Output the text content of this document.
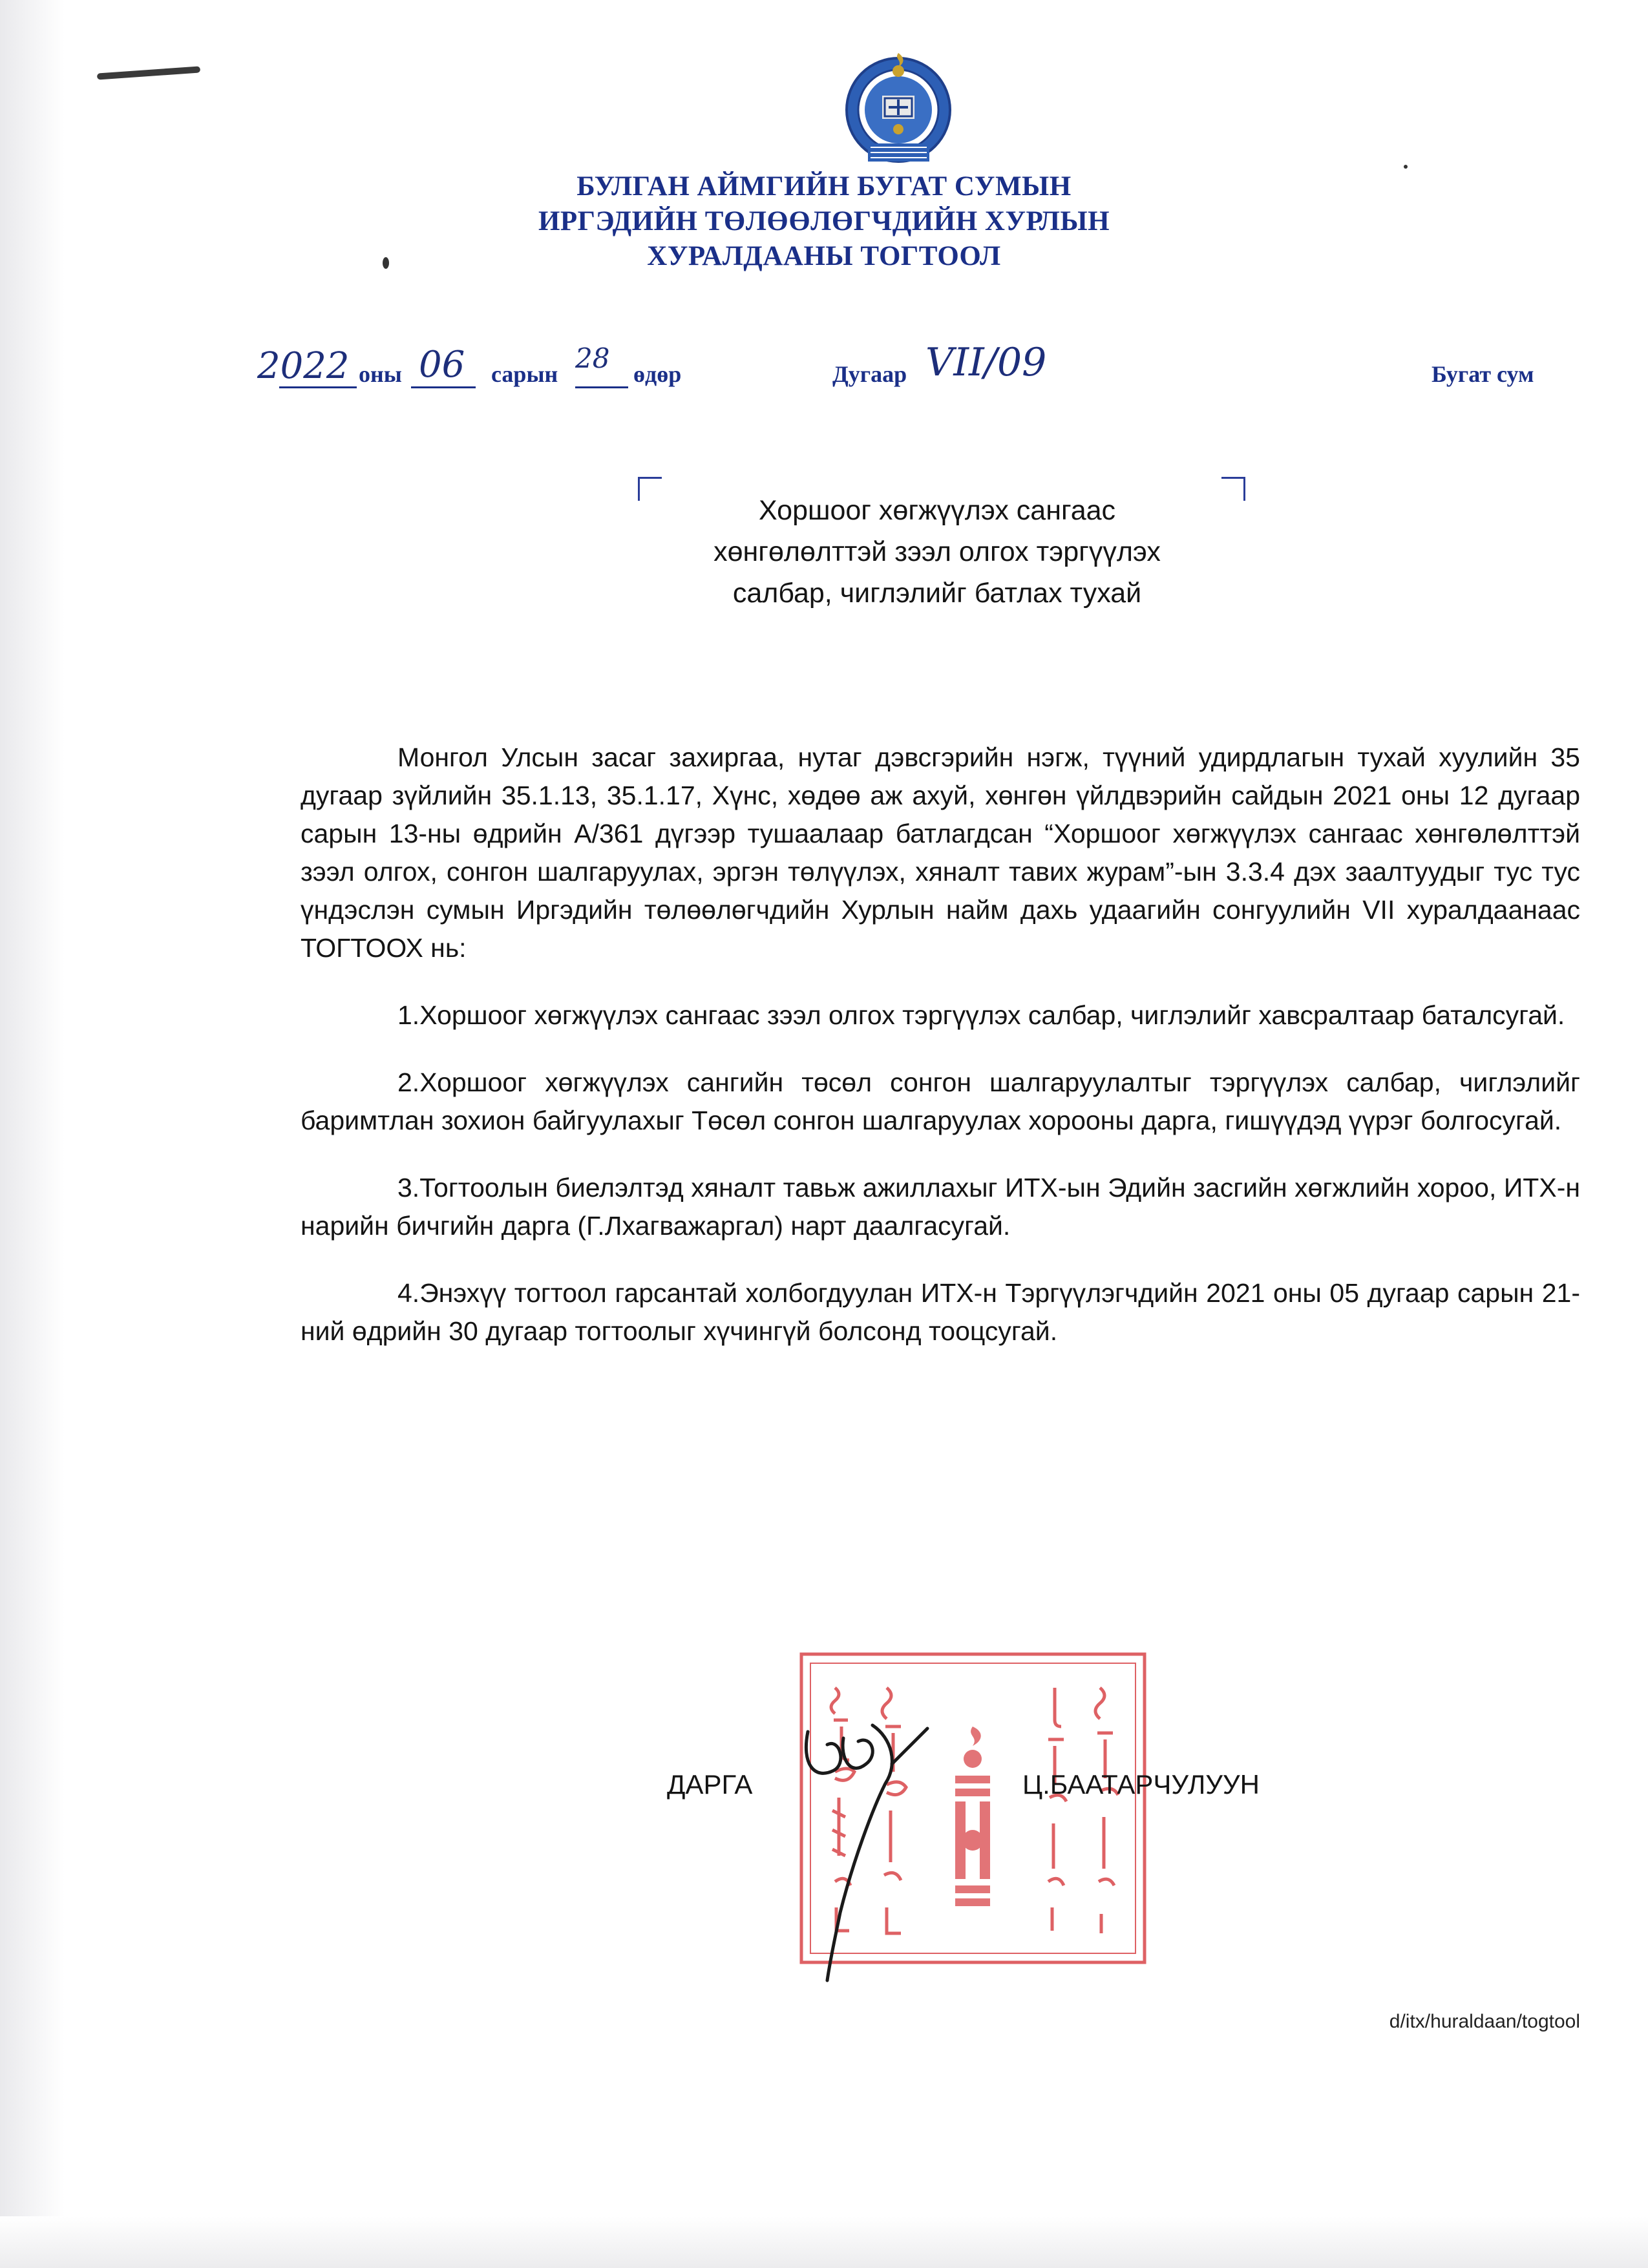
БУЛГАН АЙМГИЙН БУГАТ СУМЫН
ИРГЭДИЙН ТӨЛӨӨЛӨГЧДИЙН ХУРЛЫН
ХУРАЛДААНЫ ТОГТООЛ
2022 оны 06 сарын 28 өдөр	Дугаар VII/09	Бугат сум
Хоршоог хөгжүүлэх сангаас
хөнгөлөлттэй зээл олгох тэргүүлэх
салбар, чиглэлийг батлах тухай

Монгол Улсын засаг захиргаа, нутаг дэвсгэрийн нэгж, түүний удирдлагын тухай хуулийн 35 дугаар зүйлийн 35.1.13, 35.1.17, Хүнс, хөдөө аж ахуй, хөнгөн үйлдвэрийн сайдын 2021 оны 12 дугаар сарын 13-ны өдрийн А/361 дүгээр тушаалаар батлагдсан “Хоршоог хөгжүүлэх сангаас хөнгөлөлттэй зээл олгох, сонгон шалгаруулах, эргэн төлүүлэх, хяналт тавих журам”-ын 3.3.4 дэх заалтуудыг тус тус үндэслэн сумын Иргэдийн төлөөлөгчдийн Хурлын найм дахь удаагийн сонгуулийн VII хуралдаанаас ТОГТООХ нь:

1.Хоршоог хөгжүүлэх сангаас зээл олгох тэргүүлэх салбар, чиглэлийг хавсралтаар баталсугай.

2.Хоршоог хөгжүүлэх сангийн төсөл сонгон шалгаруулалтыг тэргүүлэх салбар, чиглэлийг баримтлан зохион байгуулахыг Төсөл сонгон шалгаруулах хорооны дарга, гишүүдэд үүрэг болгосугай.

3.Тогтоолын биелэлтэд хяналт тавьж ажиллахыг ИТХ-ын Эдийн засгийн хөгжлийн хороо, ИТХ-н нарийн бичгийн дарга (Г.Лхагважаргал) нарт даалгасугай.

4.Энэхүү тогтоол гарсантай холбогдуулан ИТХ-н Тэргүүлэгчдийн 2021 оны 05 дугаар сарын 21-ний өдрийн 30 дугаар тогтоолыг хүчингүй болсонд тооцсугай.

ДАРГА	Ц.БААТАРЧУЛУУН
d/itx/huraldaan/togtool
